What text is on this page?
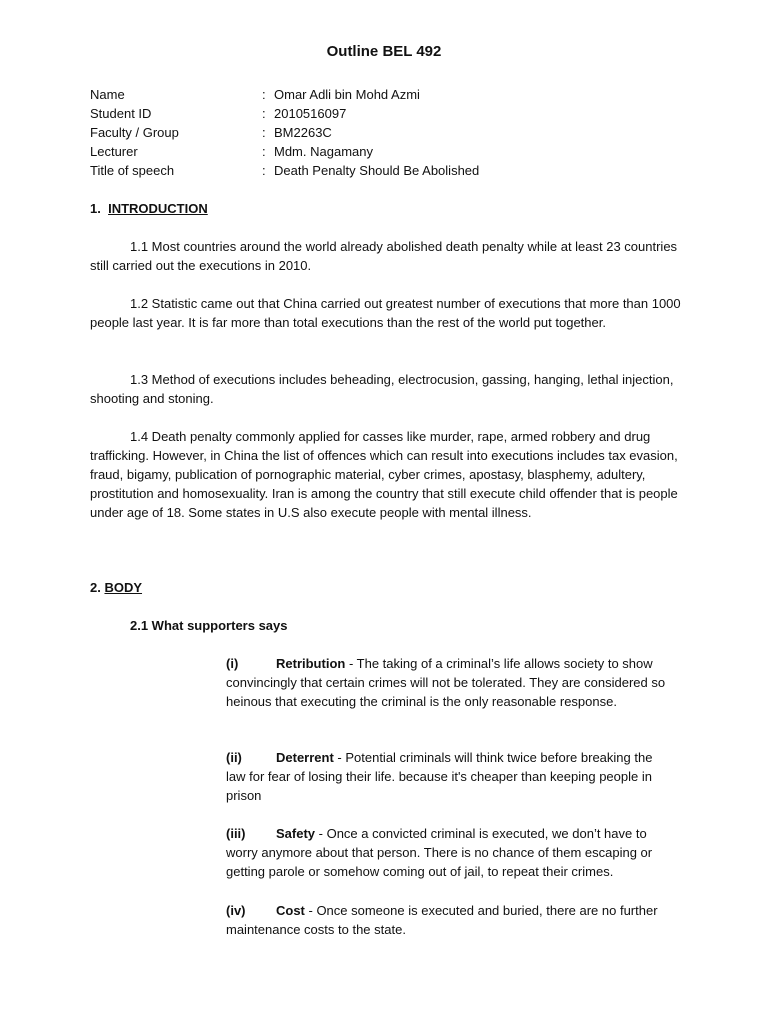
Outline BEL 492
Name	: Omar Adli bin Mohd Azmi
Student ID	: 2010516097
Faculty / Group	: BM2263C
Lecturer	: Mdm. Nagamany
Title of speech	: Death Penalty Should Be Abolished
1. INTRODUCTION
1.1 Most countries around the world already abolished death penalty while at least 23 countries still carried out the executions in 2010.
1.2 Statistic came out that China carried out greatest number of executions that more than 1000 people last year. It is far more than total executions than the rest of the world put together.
1.3 Method of executions includes beheading, electrocusion, gassing, hanging, lethal injection, shooting and stoning.
1.4 Death penalty commonly applied for casses like murder, rape, armed robbery and drug trafficking. However, in China the list of offences which can result into executions includes tax evasion, fraud, bigamy, publication of pornographic material, cyber crimes, apostasy, blasphemy, adultery, prostitution and homosexuality. Iran is among the country that still execute child offender that is people under age of 18. Some states in U.S also execute people with mental illness.
2. BODY
2.1 What supporters says
(i)	Retribution - The taking of a criminal’s life allows society to show convincingly that certain crimes will not be tolerated. They are considered so heinous that executing the criminal is the only reasonable response.
(ii)	Deterrent - Potential criminals will think twice before breaking the law for fear of losing their life. because it's cheaper than keeping people in prison
(iii) Safety - Once a convicted criminal is executed, we don’t have to worry anymore about that person. There is no chance of them escaping or getting parole or somehow coming out of jail, to repeat their crimes.
(iv) Cost - Once someone is executed and buried, there are no further maintenance costs to the state.
